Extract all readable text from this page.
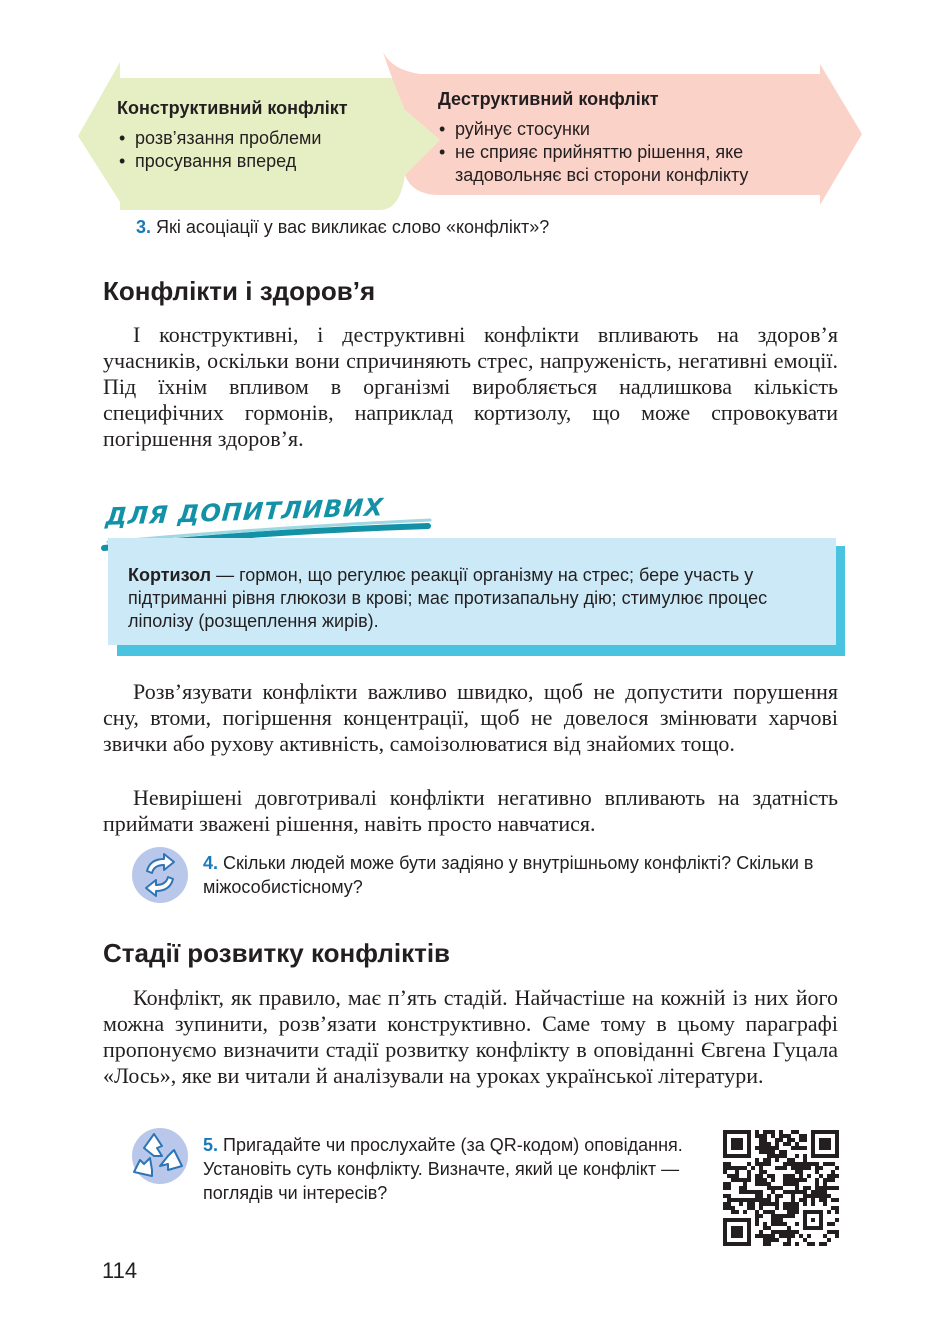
Конструктивний конфлікт
• розв’язання проблеми
• просування вперед
Деструктивний конфлікт
• руйнує стосунки
• не сприяє прийняттю рішення, яке задовольняє всі сторони конфлікту
3. Які асоціації у вас викликає слово «конфлікт»?
Конфлікти і здоров’я
І конструктивні, і деструктивні конфлікти впливають на здоров’я учасників, оскільки вони спричиняють стрес, напруженість, негативні емоції. Під їхнім впливом в організмі виробляється надлишкова кількість специфічних гормонів, наприклад кортизолу, що може спровокувати погіршення здоров’я.
ДЛЯ ДОПИТЛИВИХ
Кортизол — гормон, що регулює реакції організму на стрес; бере участь у підтриманні рівня глюкози в крові; має протизапальну дію; стимулює процес ліполізу (розщеплення жирів).
Розв’язувати конфлікти важливо швидко, щоб не допустити порушення сну, втоми, погіршення концентрації, щоб не довелося змінювати харчові звички або рухову активність, самоізолюватися від знайомих тощо.
Невирішені довготривалі конфлікти негативно впливають на здатність приймати зважені рішення, навіть просто навчатися.
4. Скільки людей може бути задіяно у внутрішньому конфлікті? Скільки в міжособистісному?
Стадії розвитку конфліктів
Конфлікт, як правило, має п’ять стадій. Найчастіше на кожній із них його можна зупинити, розв’язати конструктивно. Саме тому в цьому параграфі пропонуємо визначити стадії розвитку конфлікту в оповіданні Євгена Гуцала «Лось», яке ви читали й аналізували на уроках української літератури.
5. Пригадайте чи прослухайте (за QR-кодом) оповідання. Установіть суть конфлікту. Визначте, який це конфлікт — поглядів чи інтересів?
114
